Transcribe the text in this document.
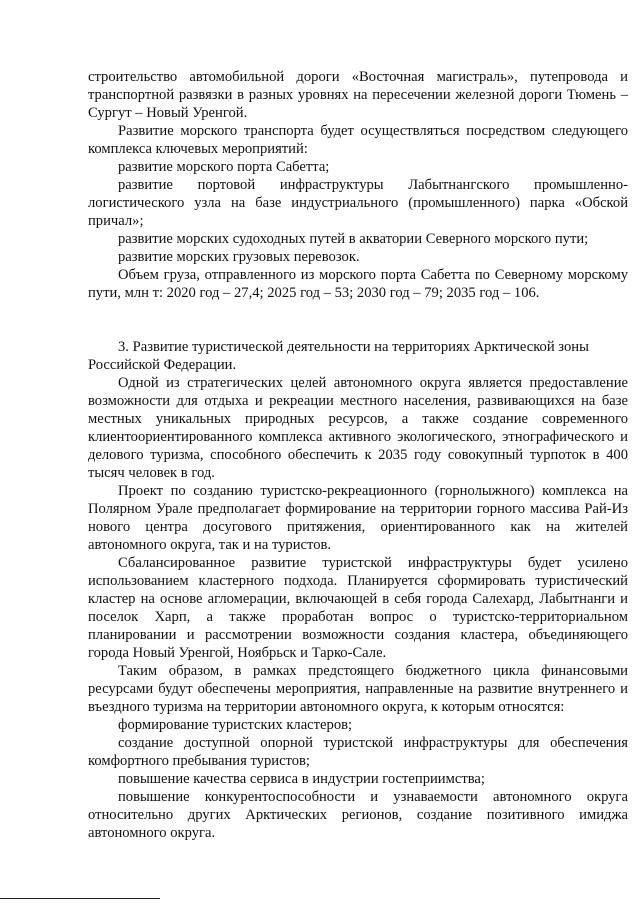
строительство автомобильной дороги «Восточная магистраль», путепровода и транспортной развязки в разных уровнях на пересечении железной дороги Тюмень – Сургут – Новый Уренгой.

Развитие морского транспорта будет осуществляться посредством следующего комплекса ключевых мероприятий:

развитие морского порта Сабетта;

развитие портовой инфраструктуры Лабытнангского промышленно-логистического узла на базе индустриального (промышленного) парка «Обской причал»;

развитие морских судоходных путей в акватории Северного морского пути;

развитие морских грузовых перевозок.

Объем груза, отправленного из морского порта Сабетта по Северному морскому пути, млн т: 2020 год – 27,4; 2025 год – 53; 2030 год – 79; 2035 год – 106.

3. Развитие туристической деятельности на территориях Арктической зоны Российской Федерации.

Одной из стратегических целей автономного округа является предоставление возможности для отдыха и рекреации местного населения, развивающихся на базе местных уникальных природных ресурсов, а также создание современного клиентоориентированного комплекса активного экологического, этнографического и делового туризма, способного обеспечить к 2035 году совокупный турпоток в 400 тысяч человек в год.

Проект по созданию туристско-рекреационного (горнолыжного) комплекса на Полярном Урале предполагает формирование на территории горного массива Рай-Из нового центра досугового притяжения, ориентированного как на жителей автономного округа, так и на туристов.

Сбалансированное развитие туристской инфраструктуры будет усилено использованием кластерного подхода. Планируется сформировать туристический кластер на основе агломерации, включающей в себя города Салехард, Лабытнанги и поселок Харп, а также проработан вопрос о туристско-территориальном планировании и рассмотрении возможности создания кластера, объединяющего города Новый Уренгой, Ноябрьск и Тарко-Сале.

Таким образом, в рамках предстоящего бюджетного цикла финансовыми ресурсами будут обеспечены мероприятия, направленные на развитие внутреннего и въездного туризма на территории автономного округа, к которым относятся:

формирование туристских кластеров;

создание доступной опорной туристской инфраструктуры для обеспечения комфортного пребывания туристов;

повышение качества сервиса в индустрии гостеприимства;

повышение конкурентоспособности и узнаваемости автономного округа относительно других Арктических регионов, создание позитивного имиджа автономного округа.
